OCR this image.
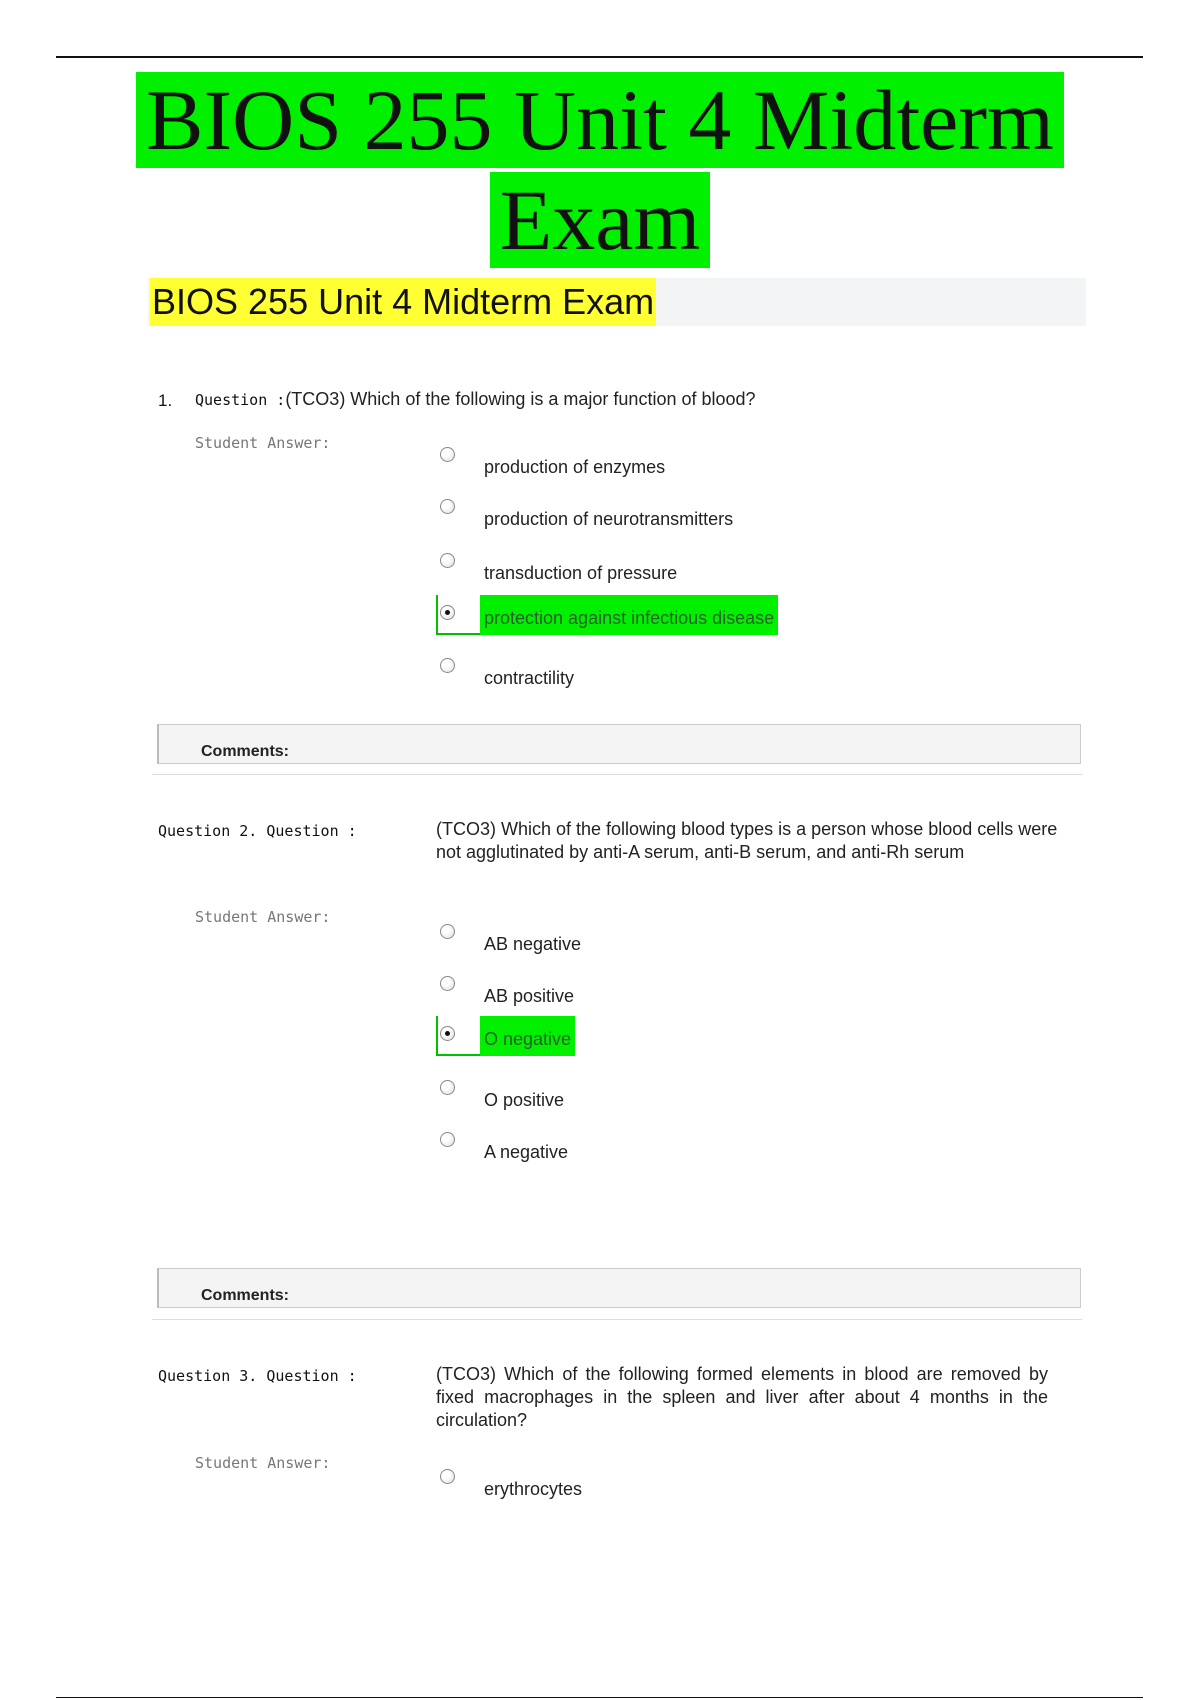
BIOS 255 Unit 4 Midterm
Exam
BIOS 255 Unit 4 Midterm Exam
1. Question :(TCO3) Which of the following is a major function of blood?
Student Answer:
production of enzymes
production of neurotransmitters
transduction of pressure
protection against infectious disease
contractility
Comments:
Question 2. Question :	(TCO3) Which of the following blood types is a person whose blood cells were not agglutinated by anti-A serum, anti-B serum, and anti-Rh serum
Student Answer:
AB negative
AB positive
O negative
O positive
A negative
Comments:
Question 3. Question :	(TCO3) Which of the following formed elements in blood are removed by fixed macrophages in the spleen and liver after about 4 months in the circulation?
Student Answer:
erythrocytes
